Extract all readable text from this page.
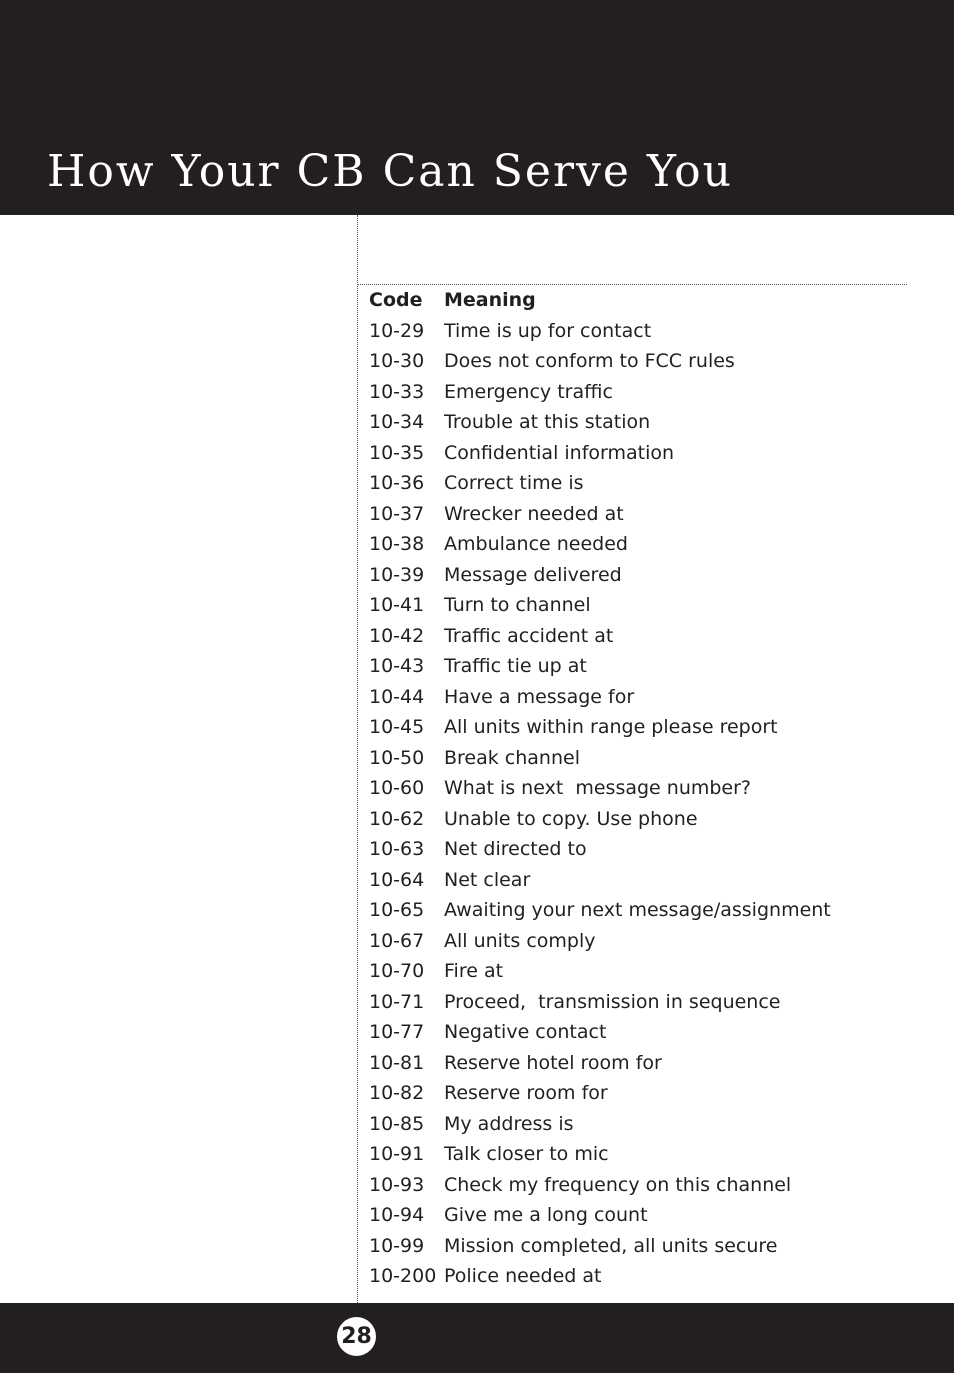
How Your CB Can Serve You
Code	Meaning
10-29	Time is up for contact
10-30	Does not conform to FCC rules
10-33	Emergency traffic
10-34	Trouble at this station
10-35	Confidential information
10-36	Correct time is
10-37	Wrecker needed at
10-38	Ambulance needed
10-39	Message delivered
10-41	Turn to channel
10-42	Traffic accident at
10-43	Traffic tie up at
10-44	Have a message for
10-45	All units within range please report
10-50	Break channel
10-60	What is next  message number?
10-62	Unable to copy. Use phone
10-63	Net directed to
10-64	Net clear
10-65	Awaiting your next message/assignment
10-67	All units comply
10-70	Fire at
10-71	Proceed,  transmission in sequence
10-77	Negative contact
10-81	Reserve hotel room for
10-82	Reserve room for
10-85	My address is
10-91	Talk closer to mic
10-93	Check my frequency on this channel
10-94	Give me a long count
10-99	Mission completed, all units secure
10-200 Police needed at
28
